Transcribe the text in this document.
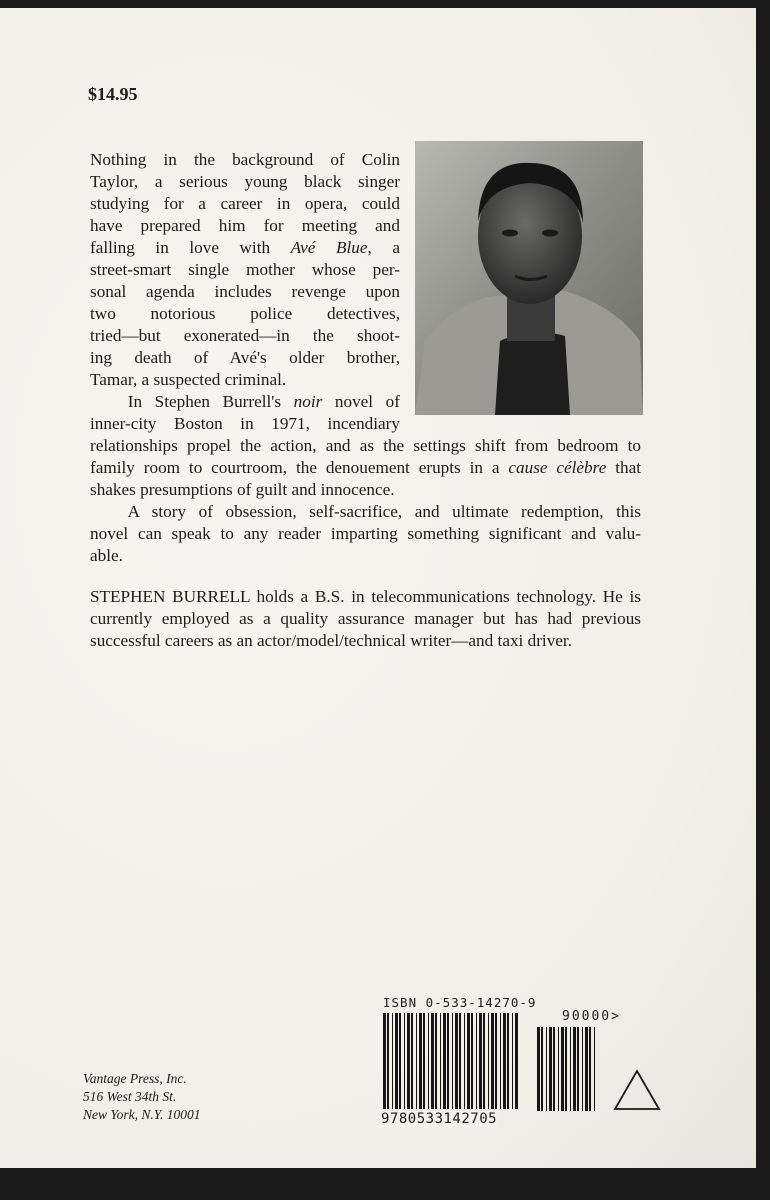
$14.95
Nothing in the background of Colin
Taylor, a serious young black singer
studying for a career in opera, could
have prepared him for meeting and
falling in love with Avé Blue, a
street-smart single mother whose per-
sonal agenda includes revenge upon
two notorious police detectives,
tried—but exonerated—in the shoot-
ing death of Avé's older brother,
Tamar, a suspected criminal.
In Stephen Burrell's noir novel of
inner-city Boston in 1971, incendiary
relationships propel the action, and as the settings shift from bedroom to
family room to courtroom, the denouement erupts in a cause célèbre that
shakes presumptions of guilt and innocence.
A story of obsession, self-sacrifice, and ultimate redemption, this
novel can speak to any reader imparting something significant and valu-
able.
STEPHEN BURRELL holds a B.S. in telecommunications technology. He is
currently employed as a quality assurance manager but has had previous
successful careers as an actor/model/technical writer—and taxi driver.
Vantage Press, Inc.
516 West 34th St.
New York, N.Y. 10001
ISBN 0-533-14270-9
9780533142705
90000>
